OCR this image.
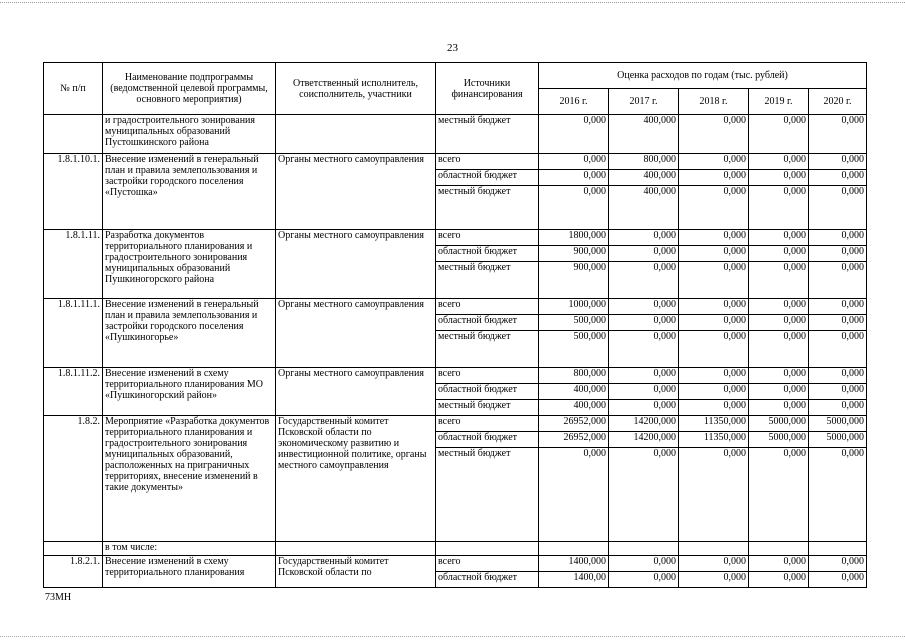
23
№ п/п	Наименование подпрограммы (ведомственной целевой программы, основного мероприятия)	Ответственный исполнитель, соисполнитель, участники	Источники финансирования	Оценка расходов по годам (тыс. рублей)				
				2016 г.	2017 г.	2018 г.	2019 г.	2020 г.
	и градостроительного зонирования муниципальных образований Пустошкинского района		местный бюджет	0,000	400,000	0,000	0,000	0,000
1.8.1.10.1.	Внесение изменений в генеральный план и правила землепользования и застройки городского поселения «Пустошка»	Органы местного самоуправления	всего	0,000	800,000	0,000	0,000	0,000
			областной бюджет	0,000	400,000	0,000	0,000	0,000
			местный бюджет	0,000	400,000	0,000	0,000	0,000
1.8.1.11.	Разработка документов территориального планирования и градостроительного зонирования муниципальных образований Пушкиногорского района	Органы местного самоуправления	всего	1800,000	0,000	0,000	0,000	0,000
			областной бюджет	900,000	0,000	0,000	0,000	0,000
			местный бюджет	900,000	0,000	0,000	0,000	0,000
1.8.1.11.1.	Внесение изменений в генеральный план и правила землепользования и застройки городского поселения «Пушкиногорье»	Органы местного самоуправления	всего	1000,000	0,000	0,000	0,000	0,000
			областной бюджет	500,000	0,000	0,000	0,000	0,000
			местный бюджет	500,000	0,000	0,000	0,000	0,000
1.8.1.11.2.	Внесение изменений в схему территориального планирования МО «Пушкиногорский район»	Органы местного самоуправления	всего	800,000	0,000	0,000	0,000	0,000
			областной бюджет	400,000	0,000	0,000	0,000	0,000
			местный бюджет	400,000	0,000	0,000	0,000	0,000
1.8.2.	Мероприятие «Разработка документов территориального планирования и градостроительного зонирования муниципальных образований, расположенных на приграничных территориях, внесение изменений в такие документы»	Государственный комитет Псковской области по экономическому развитию и инвестиционной политике, органы местного самоуправления	всего	26952,000	14200,000	11350,000	5000,000	5000,000
			областной бюджет	26952,000	14200,000	11350,000	5000,000	5000,000
			местный бюджет	0,000	0,000	0,000	0,000	0,000
	в том числе:							
1.8.2.1.	Внесение изменений в схему территориального планирования	Государственный комитет Псковской области по	всего	1400,000	0,000	0,000	0,000	0,000
			областной бюджет	1400,00	0,000	0,000	0,000	0,000
73МН
